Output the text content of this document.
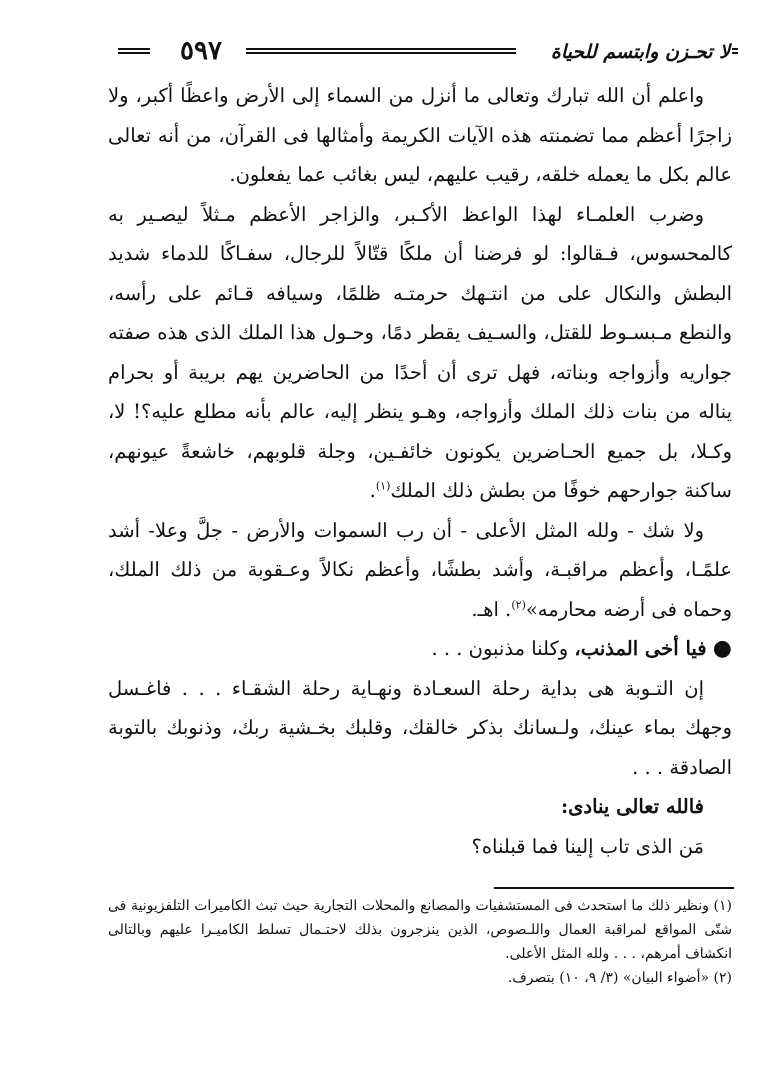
٥٩٧	لا تحـزن وابتسم للحياة

واعلم أن الله تبارك وتعالى ما أنزل من السماء إلى الأرض واعظًا أكبر، ولا زاجرًا أعظم مما تضمنته هذه الآيات الكريمة وأمثالها فى القرآن، من أنه تعالى عالم بكل ما يعمله خلقه، رقيب عليهم، ليس بغائب عما يفعلون.

وضرب العلمـاء لهذا الواعظ الأكـبر، والزاجر الأعظم مـثلاً ليصـير به كالمحسوس، فـقالوا: لو فرضنا أن ملكًا قتّالاً للرجال، سفـاكًا للدماء شديد البطش والنكال على من انتـهك حرمتـه ظلمًا، وسيافه قـائم على رأسه، والنطع مـبسـوط للقتل، والسـيف يقطر دمًا، وحـول هذا الملك الذى هذه صفته جواريه وأزواجه وبناته، فهل ترى أن أحدًا من الحاضرين يهم بريبة أو بحرام يناله من بنات ذلك الملك وأزواجه، وهـو ينظر إليه، عالم بأنه مطلع عليه؟! لا، وكـلا، بل جميع الحـاضرين يكونون خائفـين، وجلة قلوبهم، خاشعةً عيونهم، ساكنة جوارحهم خوفًا من بطش ذلك الملك$^{(١)}$.

ولا شك - ولله المثل الأعلى - أن رب السموات والأرض - جلَّ وعلا- أشد علمًـا، وأعظم مراقبـة، وأشد بطشًا، وأعظم نكالاً وعـقوبة من ذلك الملك، وحماه فى أرضه محارمه»$^{(٢)}$. اهـ.

● فيا أخى المذنب، وكلنا مذنبون . . .

إن التـوبة هى بداية رحلة السعـادة ونهـاية رحلة الشقـاء . . . فاغـسل وجهك بماء عينك، ولـسانك بذكر خالقك، وقلبك بخـشية ربك، وذنوبك بالتوبة الصادقة . . .

فالله تعالى ينادى:

مَن الذى تاب إلينا فما قبلناه؟

(١) ونظير ذلك ما استحدث فى المستشفيات والمصانع والمحلات التجارية حيث تبث الكاميرات التلفزيونية فى شتّى المواقع لمراقبة العمال واللـصوص، الذين ينزجرون بذلك لاحتـمال تسلط الكاميـرا عليهم وبالتالى انكشاف أمرهم، . . . ولله المثل الأعلى.

(٢) «أضواء البيان» (٣/ ٩، ١٠) بتصرف.
